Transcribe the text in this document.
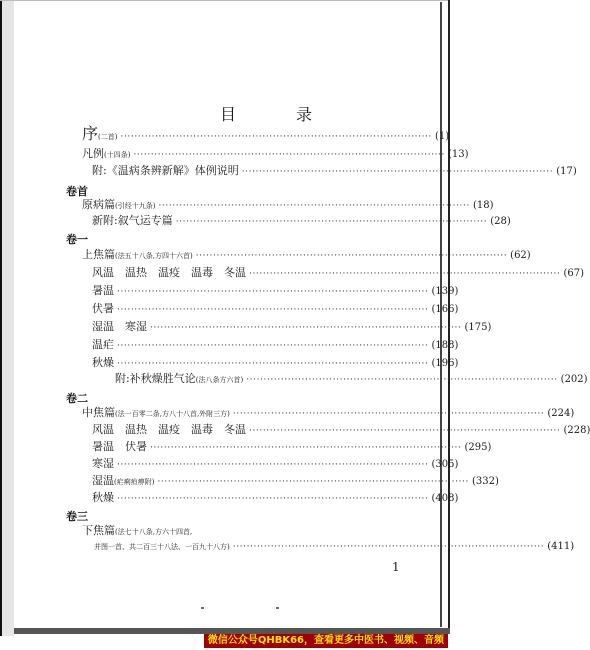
目　录
序 (二首) ·························································································· (1)
凡例 (十四条) ·························································································· (13)
附:《温病条辨新解》体例说明 ·························································································· (17)
卷首
原病篇 (引经十九条) ·························································································· (18)
新附:叙气运专篇 ·························································································· (28)
卷一
上焦篇 (法五十八条,方四十六首) ·························································································· (62)
风温　温热　温疫　温毒　冬温 ·························································································· (67)
暑温 ·························································································· (139)
伏暑 ·························································································· (166)
湿温　寒湿 ·························································································· (175)
温疟 ·························································································· (188)
秋燥 ·························································································· (196)
附:补秋燥胜气论 (法八条方六首) ·························································································· (202)
卷二
中焦篇 (法一百零二条,方八十八首,外附三方) ·························································································· (224)
风温　温热　温疫　温毒　冬温 ·························································································· (228)
暑温　伏暑 ·························································································· (295)
寒湿 ·························································································· (305)
湿温 (疟痢疸痹附) ·························································································· (332)
秋燥 ·························································································· (408)
卷三
下焦篇 (法七十八条,方六十四首,
并图一首、共二百三十八法、一百九十八方) ·························································································· (411)
1
微信公众号QHBK66，查看更多中医书、视频、音频
